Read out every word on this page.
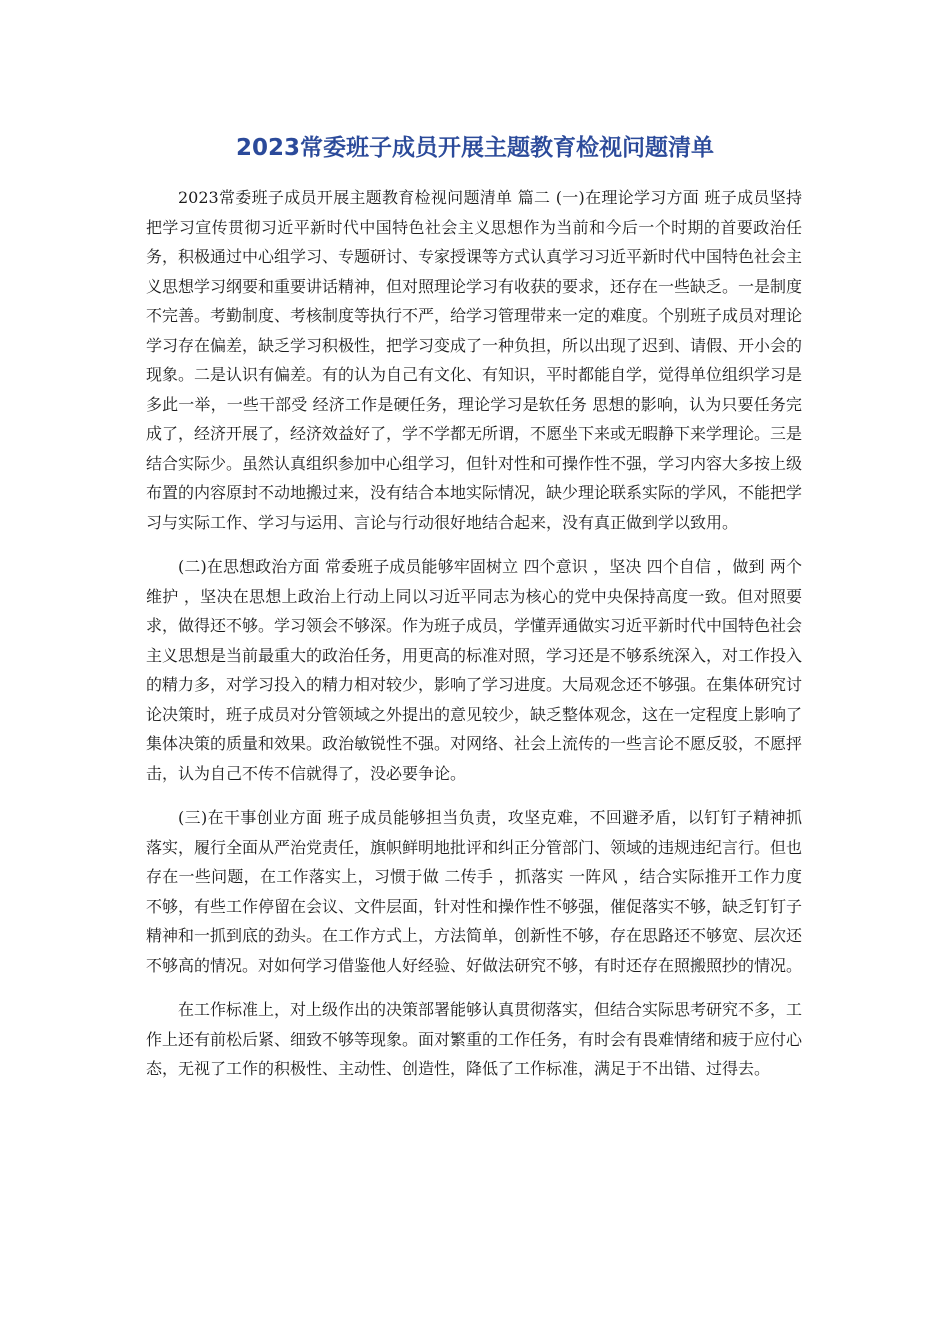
2023常委班子成员开展主题教育检视问题清单

2023常委班子成员开展主题教育检视问题清单 篇二 (一)在理论学习方面 班子成员坚持把学习宣传贯彻习近平新时代中国特色社会主义思想作为当前和今后一个时期的首要政治任务，积极通过中心组学习、专题研讨、专家授课等方式认真学习习近平新时代中国特色社会主义思想学习纲要和重要讲话精神，但对照理论学习有收获的要求，还存在一些缺乏。一是制度不完善。考勤制度、考核制度等执行不严，给学习管理带来一定的难度。个别班子成员对理论学习存在偏差，缺乏学习积极性，把学习变成了一种负担，所以出现了迟到、请假、开小会的现象。二是认识有偏差。有的认为自己有文化、有知识，平时都能自学，觉得单位组织学习是多此一举，一些干部受 经济工作是硬任务，理论学习是软任务 思想的影响，认为只要任务完成了，经济开展了，经济效益好了，学不学都无所谓，不愿坐下来或无暇静下来学理论。三是结合实际少。虽然认真组织参加中心组学习，但针对性和可操作性不强，学习内容大多按上级布置的内容原封不动地搬过来，没有结合本地实际情况，缺少理论联系实际的学风，不能把学习与实际工作、学习与运用、言论与行动很好地结合起来，没有真正做到学以致用。

(二)在思想政治方面 常委班子成员能够牢固树立 四个意识 ，坚决 四个自信 ，做到 两个维护 ，坚决在思想上政治上行动上同以习近平同志为核心的党中央保持高度一致。但对照要求，做得还不够。学习领会不够深。作为班子成员，学懂弄通做实习近平新时代中国特色社会主义思想是当前最重大的政治任务，用更高的标准对照，学习还是不够系统深入，对工作投入的精力多，对学习投入的精力相对较少，影响了学习进度。大局观念还不够强。在集体研究讨论决策时，班子成员对分管领域之外提出的意见较少，缺乏整体观念，这在一定程度上影响了集体决策的质量和效果。政治敏锐性不强。对网络、社会上流传的一些言论不愿反驳，不愿抨击，认为自己不传不信就得了，没必要争论。

(三)在干事创业方面 班子成员能够担当负责，攻坚克难，不回避矛盾，以钉钉子精神抓落实，履行全面从严治党责任，旗帜鲜明地批评和纠正分管部门、领域的违规违纪言行。但也存在一些问题，在工作落实上，习惯于做 二传手 ，抓落实 一阵风 ，结合实际推开工作力度不够，有些工作停留在会议、文件层面，针对性和操作性不够强，催促落实不够，缺乏钉钉子精神和一抓到底的劲头。在工作方式上，方法简单，创新性不够，存在思路还不够宽、层次还不够高的情况。对如何学习借鉴他人好经验、好做法研究不够，有时还存在照搬照抄的情况。

在工作标准上，对上级作出的决策部署能够认真贯彻落实，但结合实际思考研究不多，工作上还有前松后紧、细致不够等现象。面对繁重的工作任务，有时会有畏难情绪和疲于应付心态，无视了工作的积极性、主动性、创造性，降低了工作标准，满足于不出错、过得去。
